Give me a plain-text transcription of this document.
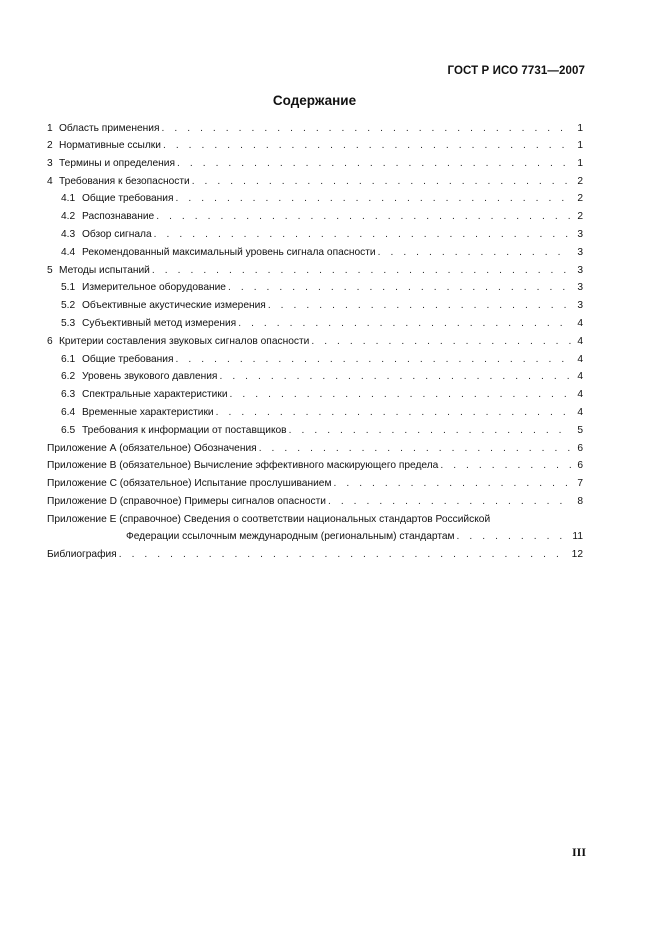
ГОСТ Р ИСО 7731—2007
Содержание
1 Область применения . . .	1
2 Нормативные ссылки . . .	1
3 Термины и определения . . .	1
4 Требования к безопасности . . .	2
4.1 Общие требования . . .	2
4.2 Распознавание . . .	2
4.3 Обзор сигнала . . .	3
4.4 Рекомендованный максимальный уровень сигнала опасности . . .	3
5 Методы испытаний . . .	3
5.1 Измерительное оборудование . . .	3
5.2 Объективные акустические измерения . . .	3
5.3 Субъективный метод измерения . . .	4
6 Критерии составления звуковых сигналов опасности . . .	4
6.1 Общие требования . . .	4
6.2 Уровень звукового давления . . .	4
6.3 Спектральные характеристики . . .	4
6.4 Временные характеристики . . .	4
6.5 Требования к информации от поставщиков . . .	5
Приложение А (обязательное) Обозначения . . .	6
Приложение В (обязательное) Вычисление эффективного маскирующего предела . . .	6
Приложение С (обязательное) Испытание прослушиванием . . .	7
Приложение D (справочное) Примеры сигналов опасности . . .	8
Приложение Е (справочное) Сведения о соответствии национальных стандартов Российской
Федерации ссылочным международным (региональным) стандартам . . .	11
Библиография . . .	12
III
